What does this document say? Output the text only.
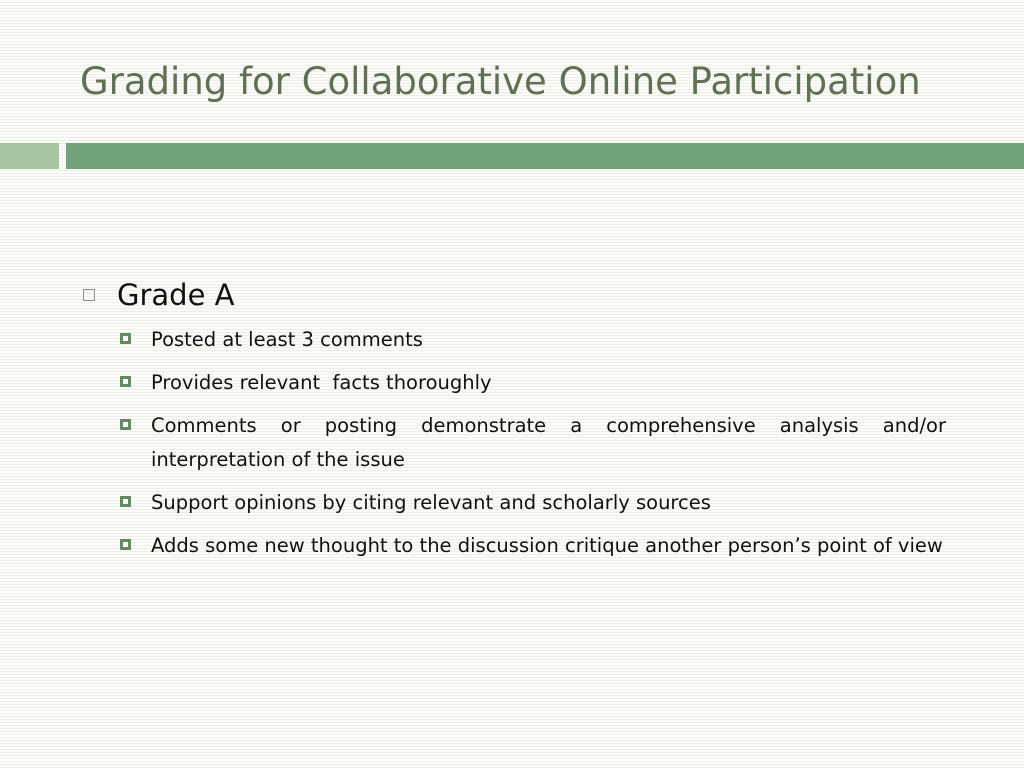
Grading for Collaborative Online Participation
Grade A
Posted at least 3 comments
Provides relevant  facts thoroughly
Comments or posting demonstrate a comprehensive analysis and/or interpretation of the issue
Support opinions by citing relevant and scholarly sources
Adds some new thought to the discussion critique another person’s point of view
